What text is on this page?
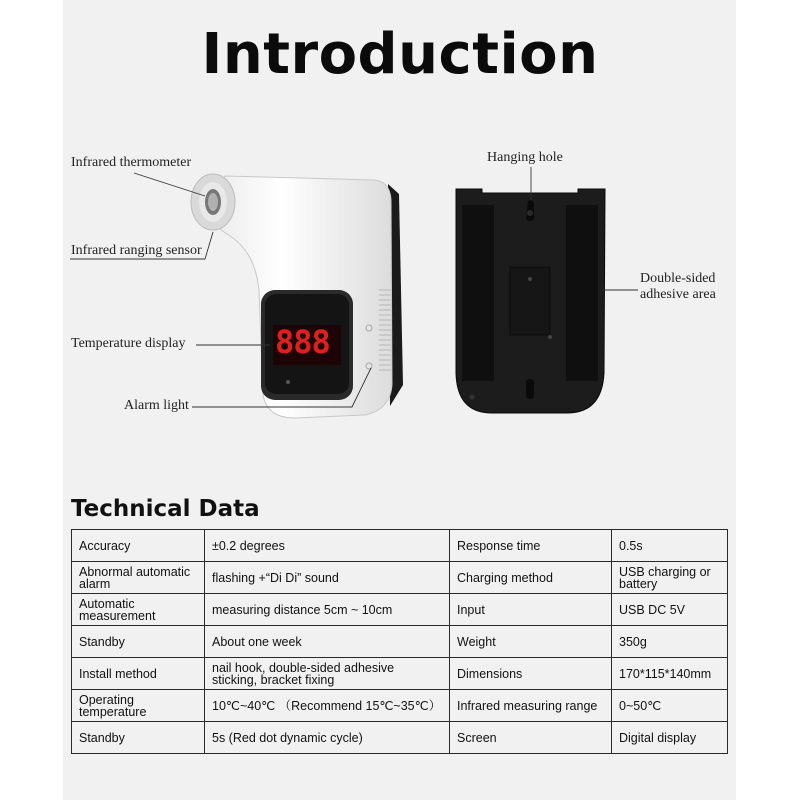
Introduction
888
Infrared thermometer
Infrared ranging sensor
Temperature display
Alarm light
Hanging hole
Double-sided
adhesive area
Technical Data
Accuracy	±0.2 degrees	Response time	0.5s
Abnormal automatic alarm	flashing +“Di Di” sound	Charging method	USB charging or battery
Automatic measurement	measuring distance 5cm ~ 10cm	Input	USB DC 5V
Standby	About one week	Weight	350g
Install method	nail hook, double-sided adhesive sticking, bracket fixing	Dimensions	170*115*140mm
Operating temperature	10℃~40℃ （Recommend 15℃~35℃）	Infrared measuring range	0~50℃
Standby	5s (Red dot dynamic cycle)	Screen	Digital display
